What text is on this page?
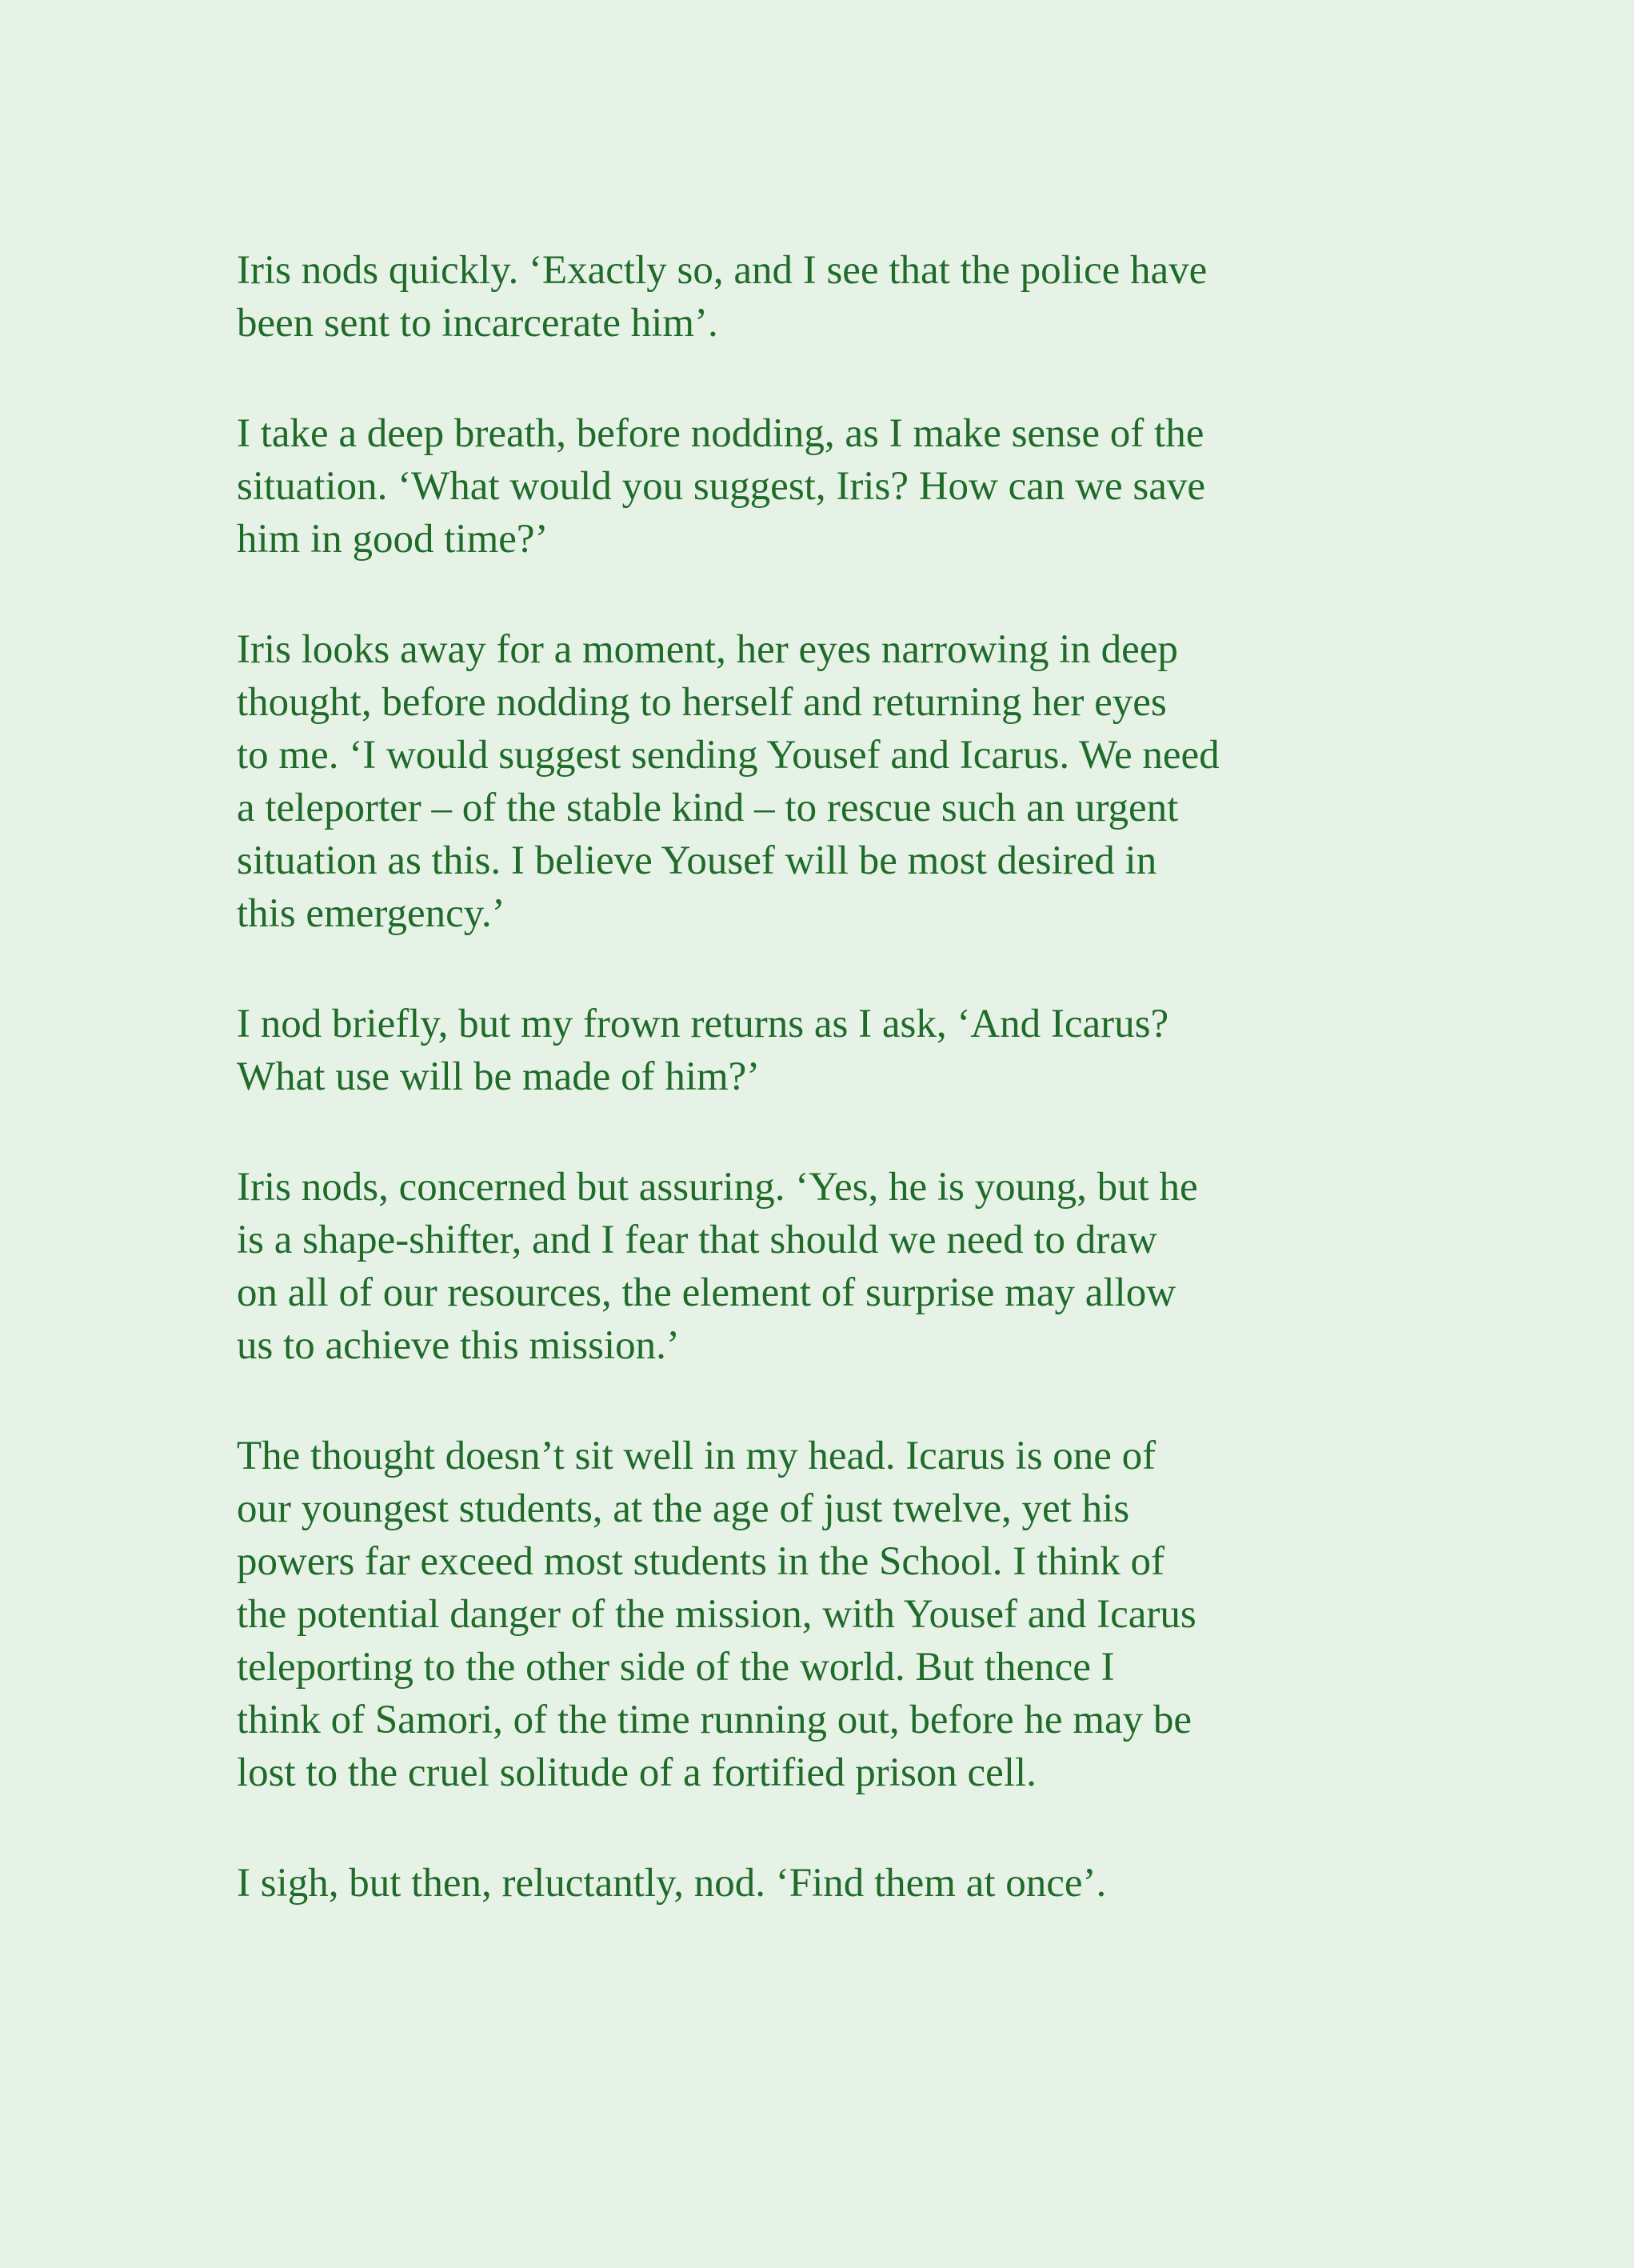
Iris nods quickly. ‘Exactly so, and I see that the police have
been sent to incarcerate him’.

I take a deep breath, before nodding, as I make sense of the
situation. ‘What would you suggest, Iris? How can we save
him in good time?’

Iris looks away for a moment, her eyes narrowing in deep
thought, before nodding to herself and returning her eyes
to me. ‘I would suggest sending Yousef and Icarus. We need
a teleporter – of the stable kind – to rescue such an urgent
situation as this. I believe Yousef will be most desired in
this emergency.’

I nod briefly, but my frown returns as I ask, ‘And Icarus?
What use will be made of him?’

Iris nods, concerned but assuring. ‘Yes, he is young, but he
is a shape-shifter, and I fear that should we need to draw
on all of our resources, the element of surprise may allow
us to achieve this mission.’

The thought doesn’t sit well in my head. Icarus is one of
our youngest students, at the age of just twelve, yet his
powers far exceed most students in the School. I think of
the potential danger of the mission, with Yousef and Icarus
teleporting to the other side of the world. But thence I
think of Samori, of the time running out, before he may be
lost to the cruel solitude of a fortified prison cell.

I sigh, but then, reluctantly, nod. ‘Find them at once’.
